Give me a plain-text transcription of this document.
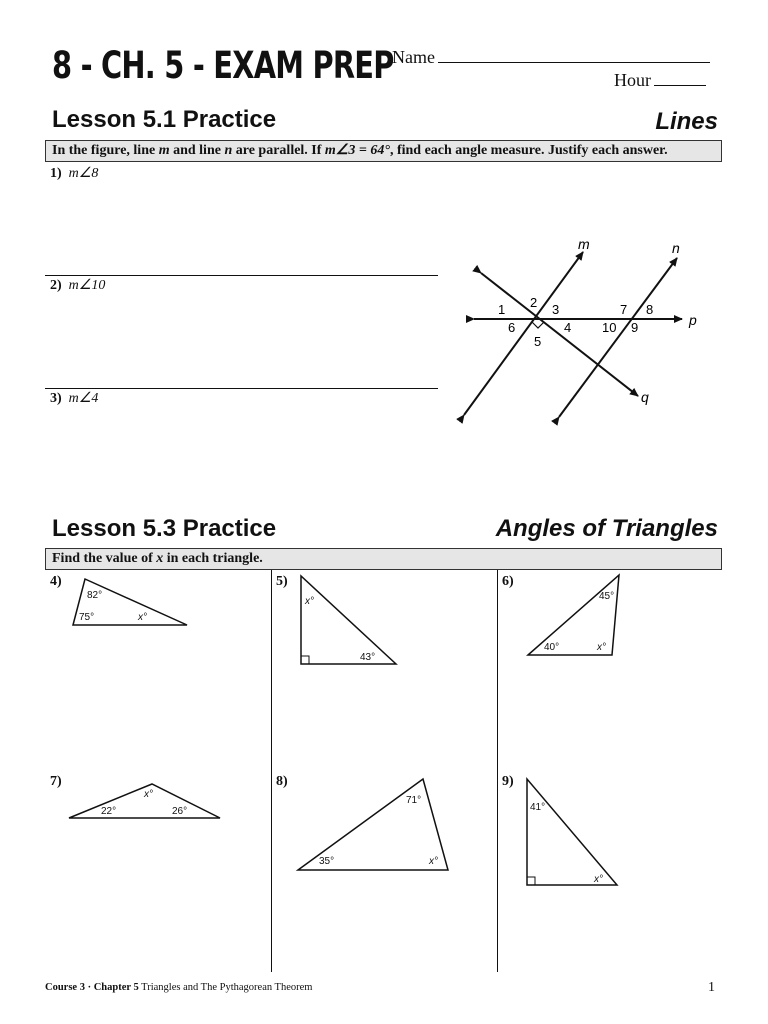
8 - CH. 5 - EXAM PREP
Name
Hour
Lesson 5.1 Practice	Lines
In the figure, line m and line n are parallel. If m∠3 = 64°, find each angle measure. Justify each answer.
1) m∠8
2) m∠10
3) m∠4
m	n
p
q
1 2 3
4
5
6
7 8
10 9
Lesson 5.3 Practice	Angles of Triangles
Find the value of x in each triangle.
4)	5)	6)
7)	8)	9)
82°
75°	x°
x°
43°
45°
40°	x°
x°
22°	26°
71°
35°	x°
41°
x°
Course 3 · Chapter 5 Triangles and The Pythagorean Theorem	1
